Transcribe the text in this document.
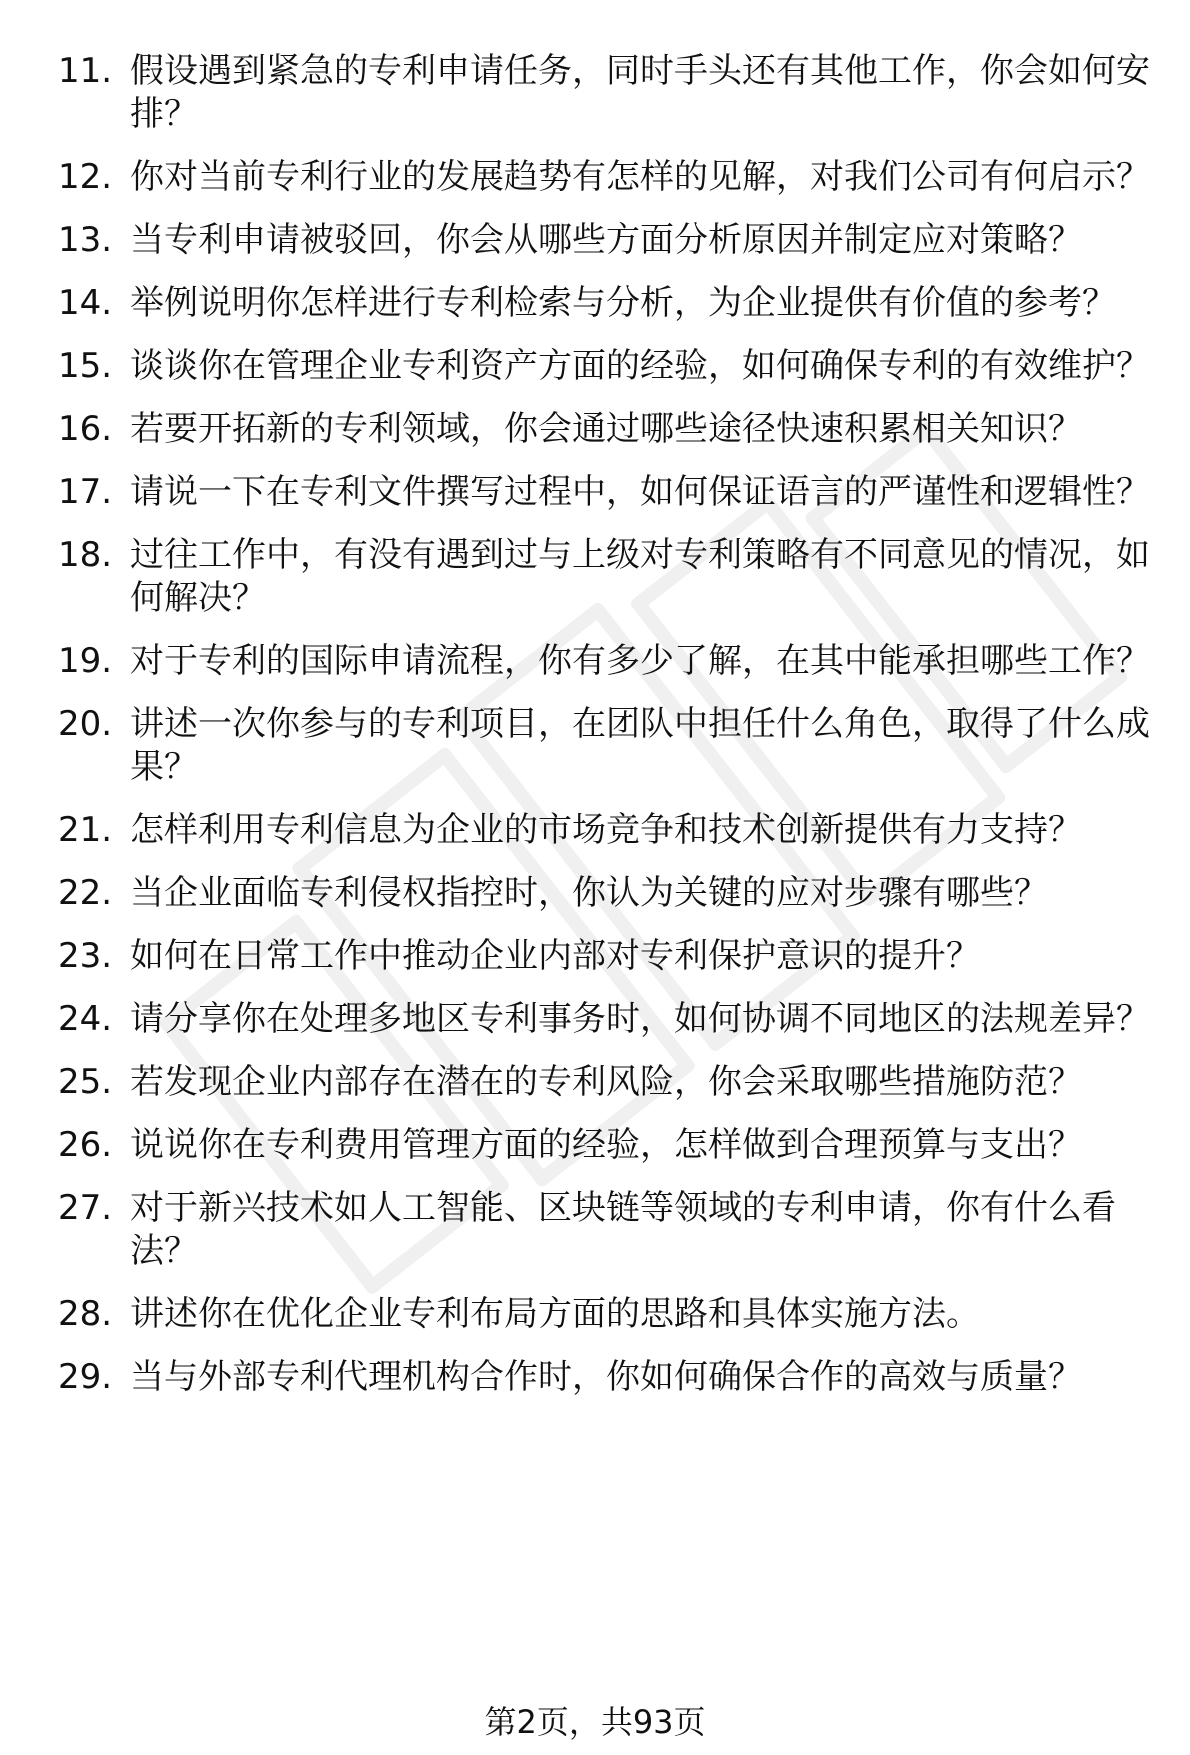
11. 假设遇到紧急的专利申请任务，同时手头还有其他工作，你会如何安排？
12. 你对当前专利行业的发展趋势有怎样的见解，对我们公司有何启示？
13. 当专利申请被驳回，你会从哪些方面分析原因并制定应对策略？
14. 举例说明你怎样进行专利检索与分析，为企业提供有价值的参考？
15. 谈谈你在管理企业专利资产方面的经验，如何确保专利的有效维护？
16. 若要开拓新的专利领域，你会通过哪些途径快速积累相关知识？
17. 请说一下在专利文件撰写过程中，如何保证语言的严谨性和逻辑性？
18. 过往工作中，有没有遇到过与上级对专利策略有不同意见的情况，如何解决？
19. 对于专利的国际申请流程，你有多少了解，在其中能承担哪些工作？
20. 讲述一次你参与的专利项目，在团队中担任什么角色，取得了什么成果？
21. 怎样利用专利信息为企业的市场竞争和技术创新提供有力支持？
22. 当企业面临专利侵权指控时，你认为关键的应对步骤有哪些？
23. 如何在日常工作中推动企业内部对专利保护意识的提升？
24. 请分享你在处理多地区专利事务时，如何协调不同地区的法规差异？
25. 若发现企业内部存在潜在的专利风险，你会采取哪些措施防范？
26. 说说你在专利费用管理方面的经验，怎样做到合理预算与支出？
27. 对于新兴技术如人工智能、区块链等领域的专利申请，你有什么看法？
28. 讲述你在优化企业专利布局方面的思路和具体实施方法。
29. 当与外部专利代理机构合作时，你如何确保合作的高效与质量？
第2页，共93页
